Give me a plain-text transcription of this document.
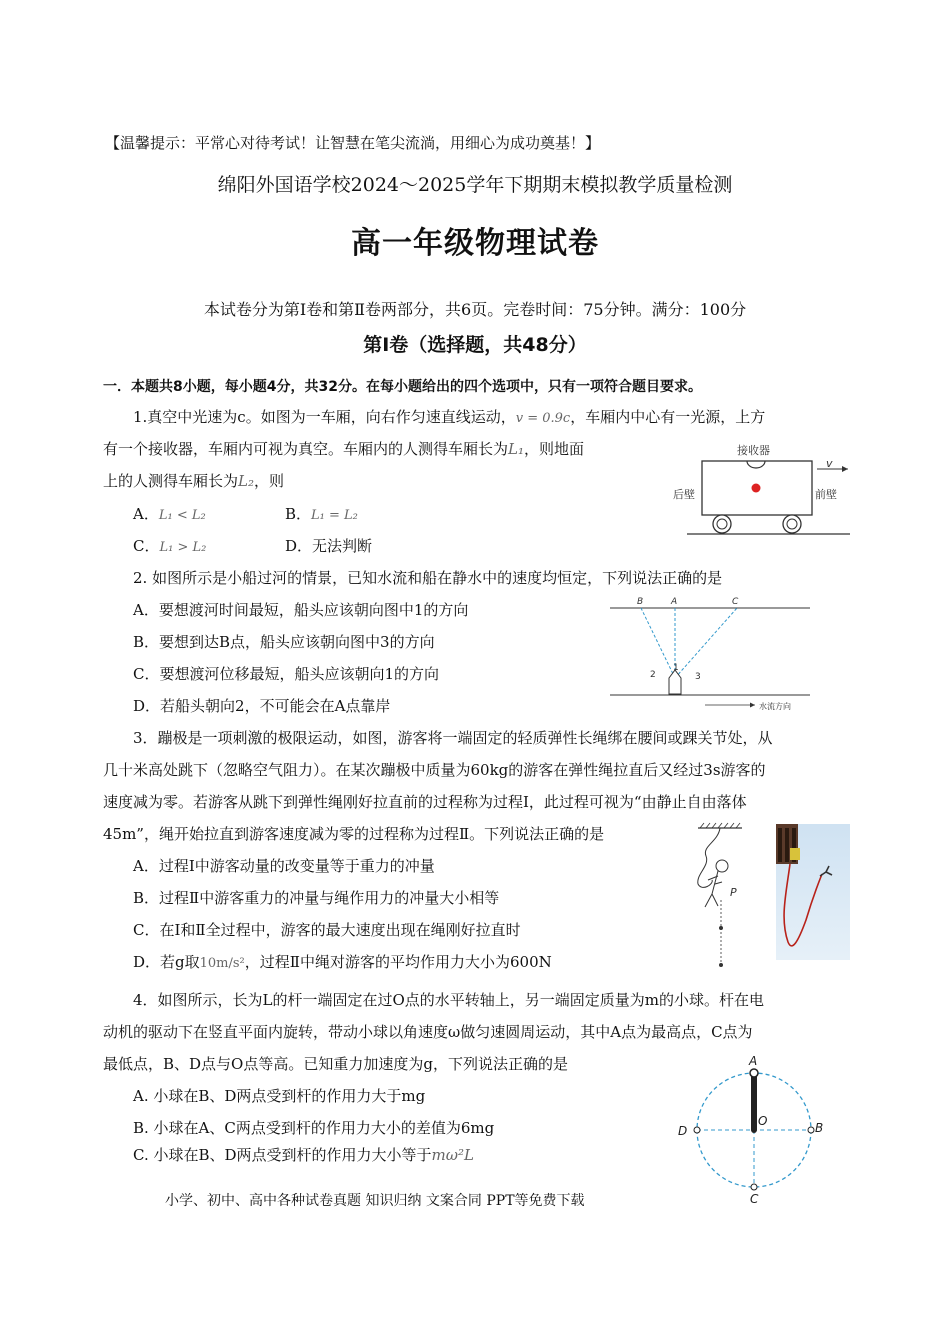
【温馨提示：平常心对待考试！让智慧在笔尖流淌，用细心为成功奠基！】
绵阳外国语学校2024～2025学年下期期末模拟教学质量检测
高一年级物理试卷
本试卷分为第Ⅰ卷和第Ⅱ卷两部分，共6页。完卷时间：75分钟。满分：100分
第Ⅰ卷（选择题，共48分）
一．本题共8小题，每小题4分，共32分。在每小题给出的四个选项中，只有一项符合题目要求。
1.真空中光速为c。如图为一车厢，向右作匀速直线运动，v = 0.9c，车厢内中心有一光源，上方
有一个接收器，车厢内可视为真空。车厢内的人测得车厢长为L₁，则地面
上的人测得车厢长为L₂，则
A．L₁ < L₂	B．L₁ = L₂
C．L₁ > L₂	D．无法判断
接收器
v
后壁	前壁
2. 如图所示是小船过河的情景，已知水流和船在静水中的速度均恒定，下列说法正确的是
A．要想渡河时间最短，船头应该朝向图中1的方向
B．要想到达B点，船头应该朝向图中3的方向
C．要想渡河位移最短，船头应该朝向1的方向
D．若船头朝向2，不可能会在A点靠岸
B	A	C
1
2	3
水流方向
3．蹦极是一项刺激的极限运动，如图，游客将一端固定的轻质弹性长绳绑在腰间或踝关节处，从
几十米高处跳下（忽略空气阻力）。在某次蹦极中质量为60kg的游客在弹性绳拉直后又经过3s游客的
速度减为零。若游客从跳下到弹性绳刚好拉直前的过程称为过程Ⅰ，此过程可视为“由静止自由落体
45m”，绳开始拉直到游客速度减为零的过程称为过程Ⅱ。下列说法正确的是
A．过程Ⅰ中游客动量的改变量等于重力的冲量
B．过程Ⅱ中游客重力的冲量与绳作用力的冲量大小相等
C．在Ⅰ和Ⅱ全过程中，游客的最大速度出现在绳刚好拉直时
D．若g取10m/s²，过程Ⅱ中绳对游客的平均作用力大小为600N
P
4．如图所示，长为L的杆一端固定在过O点的水平转轴上，另一端固定质量为m的小球。杆在电
动机的驱动下在竖直平面内旋转，带动小球以角速度ω做匀速圆周运动，其中A点为最高点，C点为
最低点，B、D点与O点等高。已知重力加速度为g，下列说法正确的是
A. 小球在B、D两点受到杆的作用力大于mg
B. 小球在A、C两点受到杆的作用力大小的差值为6mg
C. 小球在B、D两点受到杆的作用力大小等于mω²L
A
D	B
O
C
小学、初中、高中各种试卷真题 知识归纳 文案合同 PPT等免费下载
